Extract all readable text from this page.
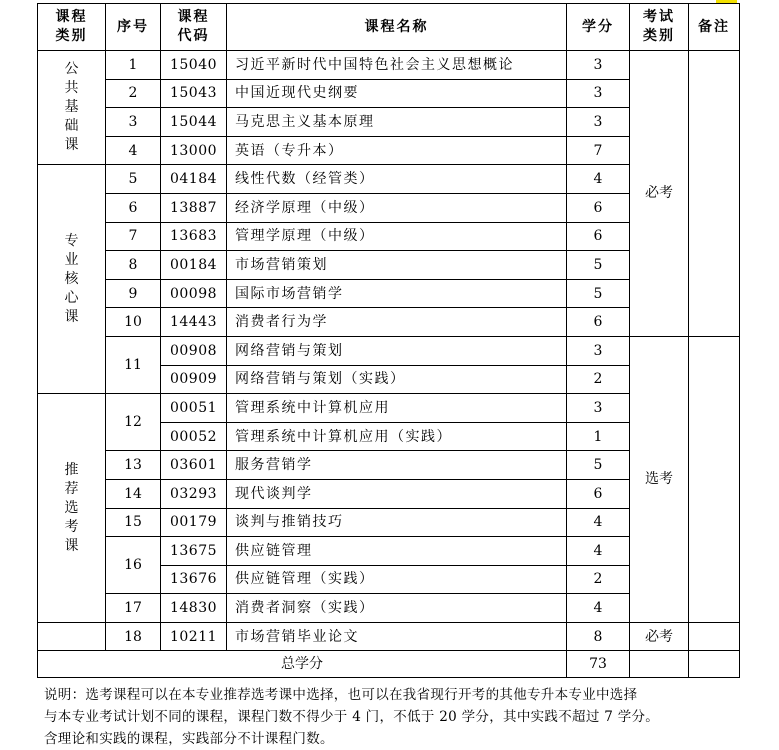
课程类别	序号	课程代码	课程名称	学分	考试类别	备注
公共基础课	1	15040	习近平新时代中国特色社会主义思想概论	3	必考	
	2	15043	中国近现代史纲要	3		
	3	15044	马克思主义基本原理	3		
	4	13000	英语（专升本）	7		
专业核心课	5	04184	线性代数（经管类）	4		
	6	13887	经济学原理（中级）	6		
	7	13683	管理学原理（中级）	6		
	8	00184	市场营销策划	5		
	9	00098	国际市场营销学	5		
	10	14443	消费者行为学	6		
	11	00908	网络营销与策划	3	选考	
		00909	网络营销与策划（实践）	2		
推荐选考课	12	00051	管理系统中计算机应用	3		
		00052	管理系统中计算机应用（实践）	1		
	13	03601	服务营销学	5		
	14	03293	现代谈判学	6		
	15	00179	谈判与推销技巧	4		
	16	13675	供应链管理	4		
		13676	供应链管理（实践）	2		
	17	14830	消费者洞察（实践）	4		
	18	10211	市场营销毕业论文	8	必考	
总学分				73		

说明：选考课程可以在本专业推荐选考课中选择，也可以在我省现行开考的其他专升本专业中选择

与本专业考试计划不同的课程，课程门数不得少于 4 门，不低于 20 学分，其中实践不超过 7 学分。

含理论和实践的课程，实践部分不计课程门数。
